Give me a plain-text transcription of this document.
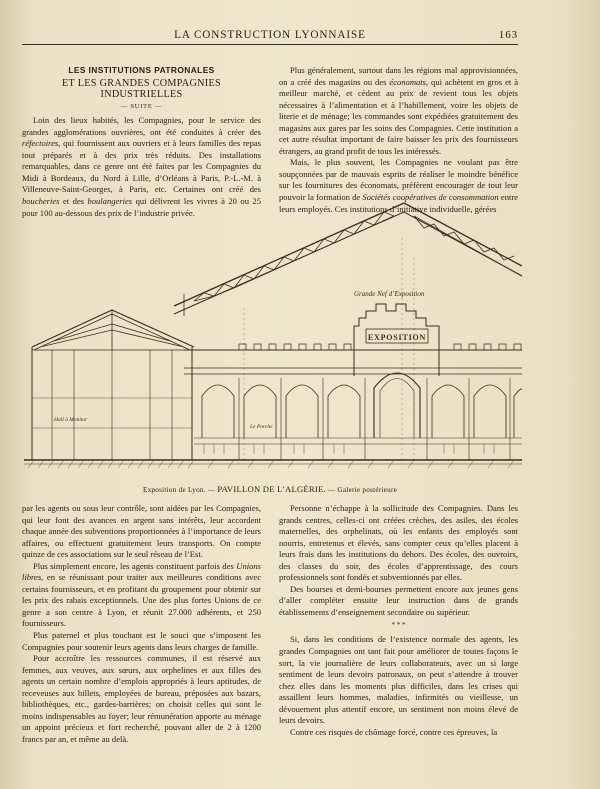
LA CONSTRUCTION LYONNAISE	163
LES INSTITUTIONS PATRONALES
ET LES GRANDES COMPAGNIES INDUSTRIELLES
— SUITE —

Loin des lieux habités, les Compagnies, pour le service des grandes agglomérations ouvrières, ont été conduites à créer des réfectoires, qui fournissent aux ouvriers et à leurs familles des repas tout préparés et à des prix très réduits. Des installations remarquables, dans ce genre ont été faites par les Compagnies du Midi à Bordeaux, du Nord à Lille, d’Orléans à Paris, P.-L.-M. à Villeneuve-Saint-Georges, à Paris, etc. Certaines ont créé des boucheries et des boulangeries qui délivrent les vivres à 20 ou 25 pour 100 au-dessous des prix de l’industrie privée.

Plus généralement, surtout dans les régions mal approvisionnées, on a créé des magasins ou des économats, qui achètent en gros et à meilleur marché, et cèdent au prix de revient tous les objets nécessaires à l’alimentation et à l’habillement, voire les objets de literie et de ménage; les commandes sont expédiées gratuitement des magasins aux gares par les soins des Compagnies. Cette institution a cet autre résultat important de faire baisser les prix des fournisseurs étrangers, au grand profit de tous les intéressés.

Mais, le plus souvent, les Compagnies ne voulant pas être soupçonnées par de mauvais esprits de réaliser le moindre bénéfice sur les fournitures des économats, préfèrent encourager de tout leur pouvoir la formation de Sociétés coopératives de consommation entre leurs employés. Ces institutions d’initiative individuelle, gérées

Grande Nef d’Exposition
EXPOSITION
Hall à Monitor
Le Porche
Exposition de Lyon. — PAVILLON DE L’ALGÉRIE. — Galerie postérieure

par les agents ou sous leur contrôle, sont aidées par les Compagnies, qui leur font des avances en argent sans intérêts, leur accordent chaque année des subventions proportionnées à l’importance de leurs affaires, ou effectuent gratuitement leurs transports. On compte quinze de ces associations sur le seul réseau de l’Est.

Plus simplement encore, les agents constituent parfois des Unions libres, en se réunissant pour traiter aux meilleures conditions avec certains fournisseurs, et en profitant du groupement pour obtenir sur les prix des rabais exceptionnels. Une des plus fortes Unions de ce genre a son centre à Lyon, et réunit 27.000 adhérents, et 250 fournisseurs.

Plus paternel et plus touchant est le souci que s’imposent les Compagnies pour soutenir leurs agents dans leurs charges de famille.

Pour accroître les ressources communes, il est réservé aux femmes, aux veuves, aux sœurs, aux orphelines et aux filles des agents un certain nombre d’emplois appropriés à leurs aptitudes, de receveuses aux billets, employées de bureau, préposées aux bazars, bibliothèques, etc., gardes-barrières; on choisit celles qui sont le moins indispensables au foyer; leur rémunération apporte au ménage un appoint précieux et fort recherché, pouvant aller de 2 à 1200 francs par an, et même au delà.

Personne n’échappe à la sollicitude des Compagnies. Dans les grands centres, celles-ci ont créées crèches, des asiles, des écoles maternelles, des orphelinats, où les enfants des employés sont nourris, entretenus et élevés, sans compter ceux qu’elles placent à leurs frais dans les institutions du dehors. Des écoles, des ouvroirs, des classes du soir, des écoles d’apprentissage, des cours professionnels sont fondés et subventionnés par elles.

Des bourses et demi-bourses permettent encore aux jeunes gens d’aller compléter ensuite leur instruction dans de grands établissements d’enseignement secondaire ou supérieur.

* * *

Si, dans les conditions de l’existence normale des agents, les grandes Compagnies ont tant fait pour améliorer de toutes façons le sort, la vie journalière de leurs collaborateurs, avec un si large sentiment de leurs devoirs patronaux, on peut s’attendre à trouver chez elles dans les moments plus difficiles, dans les crises qui assaillent leurs hommes, maladies, infirmités ou vieillesse, un dévouement plus attentif encore, un sentiment non moins élevé de leurs devoirs.

Contre ces risques de chômage forcé, contre ces épreuves, la
